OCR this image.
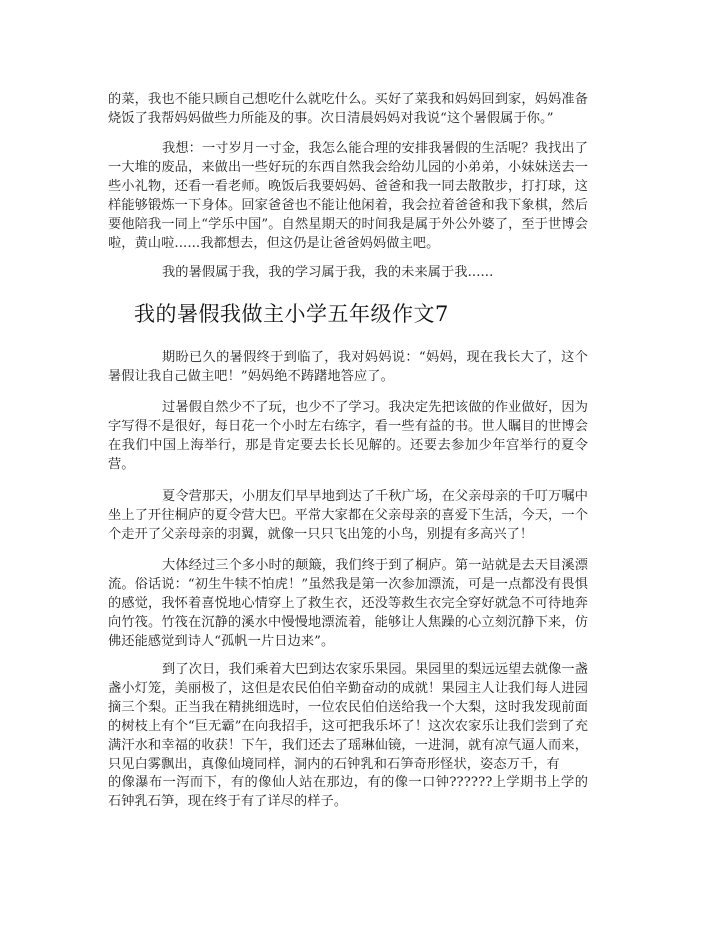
的菜，我也不能只顾自己想吃什么就吃什么。买好了菜我和妈妈回到家，妈妈准备烧饭了我帮妈妈做些力所能及的事。次日清晨妈妈对我说“这个暑假属于你。”

我想：一寸岁月一寸金，我怎么能合理的安排我暑假的生活呢？我找出了一大堆的废品，来做出一些好玩的东西自然我会给幼儿园的小弟弟，小妹妹送去一些小礼物，还看一看老师。晚饭后我要妈妈、爸爸和我一同去散散步，打打球，这样能够锻炼一下身体。回家爸爸也不能让他闲着，我会拉着爸爸和我下象棋，然后要他陪我一同上“学乐中国”。自然星期天的时间我是属于外公外婆了，至于世博会啦，黄山啦......我都想去，但这仍是让爸爸妈妈做主吧。

我的暑假属于我，我的学习属于我，我的未来属于我......

我的暑假我做主小学五年级作文7

期盼已久的暑假终于到临了，我对妈妈说：“妈妈，现在我长大了，这个暑假让我自己做主吧！”妈妈绝不踌躇地答应了。

过暑假自然少不了玩，也少不了学习。我决定先把该做的作业做好，因为字写得不是很好，每日花一个小时左右练字，看一些有益的书。世人瞩目的世博会在我们中国上海举行，那是肯定要去长长见解的。还要去参加少年宫举行的夏令营。

夏令营那天，小朋友们早早地到达了千秋广场，在父亲母亲的千叮万嘱中坐上了开往桐庐的夏令营大巴。平常大家都在父亲母亲的喜爱下生活，今天，一个个走开了父亲母亲的羽翼，就像一只只飞出笼的小鸟，别提有多高兴了！

大体经过三个多小时的颠簸，我们终于到了桐庐。第一站就是去天目溪漂流。俗话说：“初生牛犊不怕虎！”虽然我是第一次参加漂流，可是一点都没有畏惧的感觉，我怀着喜悦地心情穿上了救生衣，还没等救生衣完全穿好就急不可待地奔向竹筏。竹筏在沉静的溪水中慢慢地漂流着，能够让人焦躁的心立刻沉静下来，仿佛还能感觉到诗人“孤帆一片日边来”。

到了次日，我们乘着大巴到达农家乐果园。果园里的梨远远望去就像一盏盏小灯笼，美丽极了，这但是农民伯伯辛勤奋动的成就！果园主人让我们每人进园摘三个梨。正当我在精挑细选时，一位农民伯伯送给我一个大梨，这时我发现前面的树枝上有个“巨无霸”在向我招手，这可把我乐坏了！这次农家乐让我们尝到了充满汗水和幸福的收获！下午，我们还去了瑶琳仙镜，一进洞，就有凉气逼人而来，只见白雾飘出，真像仙境同样，洞内的石钟乳和石笋奇形怪状，姿态万千，有

的像瀑布一泻而下，有的像仙人站在那边，有的像一口钟??????上学期书上学的石钟乳石笋，现在终于有了详尽的样子。
